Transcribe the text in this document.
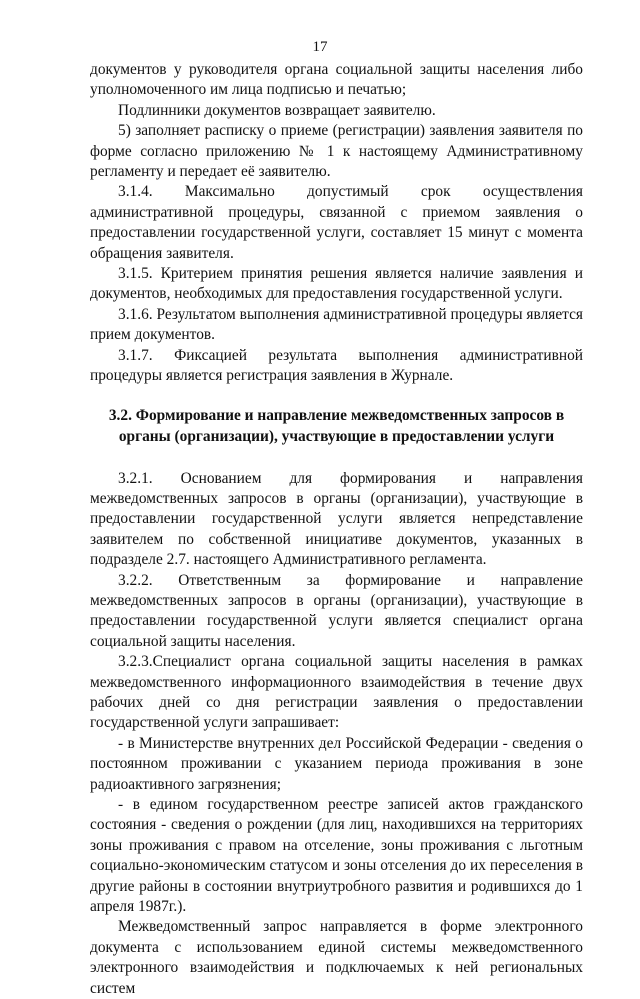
17

документов у руководителя органа социальной защиты населения либо уполномоченного им лица подписью и печатью;

Подлинники документов возвращает заявителю.

5) заполняет расписку о приеме (регистрации) заявления заявителя по форме согласно приложению № 1 к настоящему Административному регламенту и передает её заявителю.

3.1.4. Максимально допустимый срок осуществления административной процедуры, связанной с приемом заявления о предоставлении государственной услуги, составляет 15 минут с момента обращения заявителя.

3.1.5. Критерием принятия решения является наличие заявления и документов, необходимых для предоставления государственной услуги.

3.1.6. Результатом выполнения административной процедуры является прием документов.

3.1.7. Фиксацией результата выполнения административной процедуры является регистрация заявления в Журнале.

3.2. Формирование и направление межведомственных запросов в органы (организации), участвующие в предоставлении услуги

3.2.1. Основанием для формирования и направления межведомственных запросов в органы (организации), участвующие в предоставлении государственной услуги является непредставление заявителем по собственной инициативе документов, указанных в подразделе 2.7. настоящего Административного регламента.

3.2.2. Ответственным за формирование и направление межведомственных запросов в органы (организации), участвующие в предоставлении государственной услуги является специалист органа социальной защиты населения.

3.2.3.Специалист органа социальной защиты населения в рамках межведомственного информационного взаимодействия в течение двух рабочих дней со дня регистрации заявления о предоставлении государственной услуги запрашивает:

- в Министерстве внутренних дел Российской Федерации - сведения о постоянном проживании с указанием периода проживания в зоне радиоактивного загрязнения;

- в едином государственном реестре записей актов гражданского состояния - сведения о рождении (для лиц, находившихся на территориях зоны проживания с правом на отселение, зоны проживания с льготным социально-экономическим статусом и зоны отселения до их переселения в другие районы в состоянии внутриутробного развития и родившихся до 1 апреля 1987г.).

Межведомственный запрос направляется в форме электронного документа с использованием единой системы межведомственного электронного взаимодействия и подключаемых к ней региональных систем
